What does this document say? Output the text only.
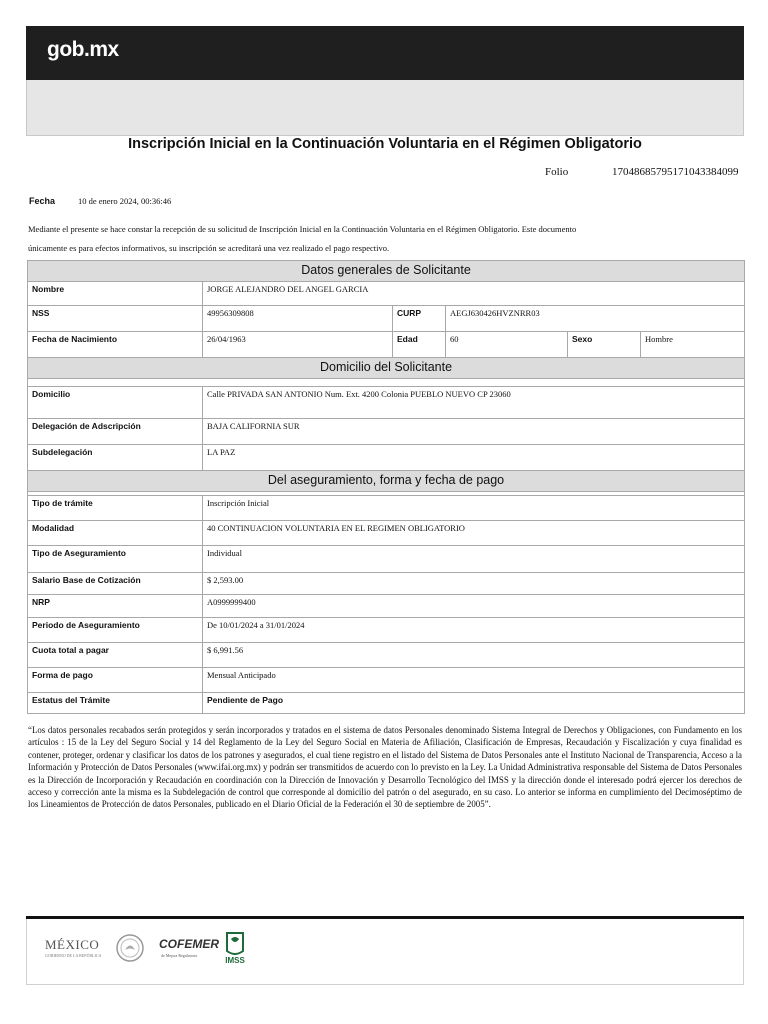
gob.mx
Inscripción Inicial en la Continuación Voluntaria en el Régimen Obligatorio
Folio	17048685795171043384099
Fecha	10 de enero 2024, 00:36:46
Mediante el presente se hace constar la recepción de su solicitud de Inscripción Inicial en la Continuación Voluntaria en el Régimen Obligatorio. Este documento únicamente es para efectos informativos, su inscripción se acreditará una vez realizado el pago respectivo.
Datos generales de Solicitante					
Nombre	JORGE ALEJANDRO DEL ANGEL GARCIA				
NSS	49956309808	CURP	AEGJ630426HVZNRR03		
Fecha de Nacimiento	26/04/1963	Edad	60	Sexo	Hombre
Domicilio del Solicitante					

Domicilio	Calle PRIVADA SAN ANTONIO Num. Ext. 4200 Colonia PUEBLO NUEVO CP 23060				
Delegación de Adscripción	BAJA CALIFORNIA SUR				
Subdelegación	LA PAZ				
Del aseguramiento, forma y fecha de pago	

Tipo de trámite	Inscripción Inicial
Modalidad	40 CONTINUACION VOLUNTARIA EN EL REGIMEN OBLIGATORIO
Tipo de Aseguramiento	Individual
Salario Base de Cotización	$ 2,593.00
NRP	A0999999400
Periodo de Aseguramiento	De 10/01/2024 a 31/01/2024
Cuota total a pagar	$ 6,991.56
Forma de pago	Mensual Anticipado
Estatus del Trámite	Pendiente de Pago
“Los datos personales recabados serán protegidos y serán incorporados y tratados en el sistema de datos Personales denominado Sistema Integral de Derechos y Obligaciones, con Fundamento en los artículos : 15 de la Ley del Seguro Social y 14 del Reglamento de la Ley del Seguro Social en Materia de Afiliación, Clasificación de Empresas, Recaudación y Fiscalización y cuya finalidad es contener, proteger, ordenar y clasificar los datos de los patrones y asegurados, el cual tiene registro en el listado del Sistema de Datos Personales ante el Instituto Nacional de Transparencia, Acceso a la Información y Protección de Datos Personales (www.ifai.org.mx) y podrán ser transmitidos de acuerdo con lo previsto en la Ley. La Unidad Administrativa responsable del Sistema de Datos Personales es la Dirección de Incorporación y Recaudación en coordinación con la Dirección de Innovación y Desarrollo Tecnológico del IMSS y la dirección donde el interesado podrá ejercer los derechos de acceso y corrección ante la misma es la Subdelegación de control que corresponde al domicilio del patrón o del asegurado, en su caso. Lo anterior se informa en cumplimiento del Decimoséptimo de los Lineamientos de Protección de datos Personales, publicado en el Diario Oficial de la Federación el 30 de septiembre de 2005”.
MÉXICO
GOBIERNO DE LA REPÚBLICA
COFEMER
de Mejora Regulatoria
IMSS
